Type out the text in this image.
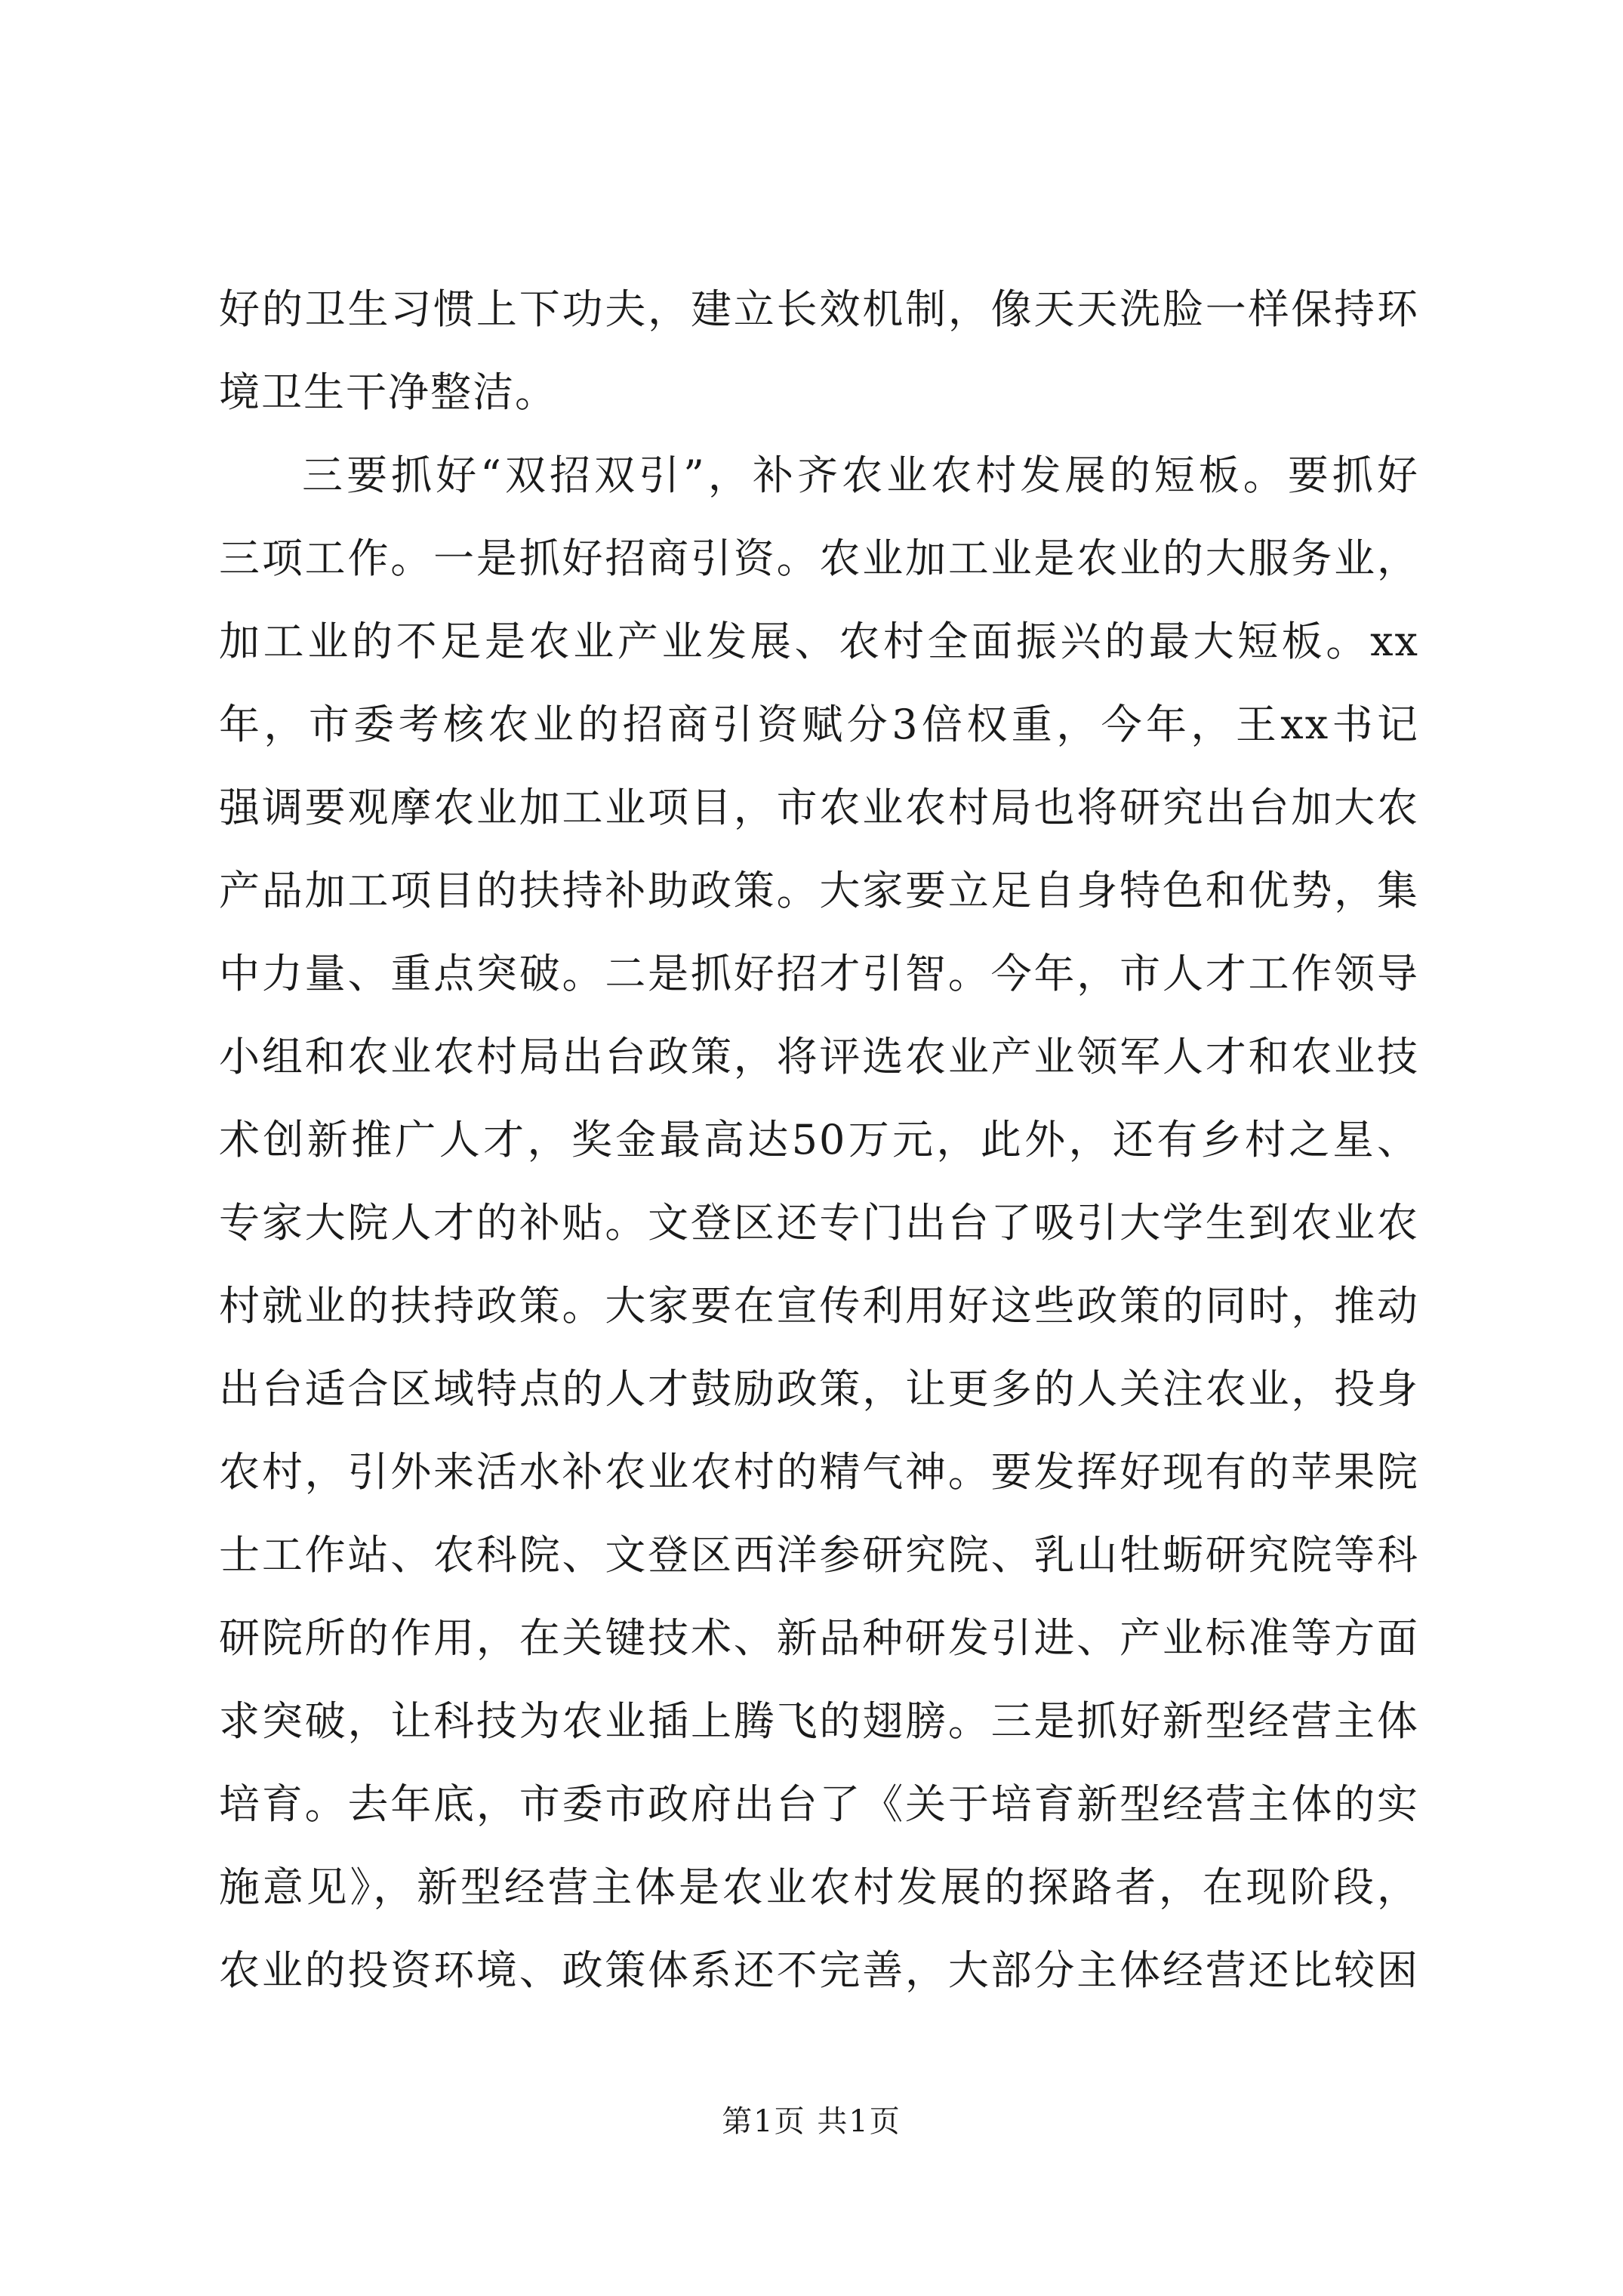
好的卫生习惯上下功夫，建立长效机制，像天天洗脸一样保持环
境卫生干净整洁。
三要抓好“双招双引”，补齐农业农村发展的短板。要抓好
三项工作。一是抓好招商引资。农业加工业是农业的大服务业，
加工业的不足是农业产业发展、农村全面振兴的最大短板。xx
年，市委考核农业的招商引资赋分3倍权重，今年，王xx书记
强调要观摩农业加工业项目，市农业农村局也将研究出台加大农
产品加工项目的扶持补助政策。大家要立足自身特色和优势，集
中力量、重点突破。二是抓好招才引智。今年，市人才工作领导
小组和农业农村局出台政策，将评选农业产业领军人才和农业技
术创新推广人才，奖金最高达50万元，此外，还有乡村之星、
专家大院人才的补贴。文登区还专门出台了吸引大学生到农业农
村就业的扶持政策。大家要在宣传利用好这些政策的同时，推动
出台适合区域特点的人才鼓励政策，让更多的人关注农业，投身
农村，引外来活水补农业农村的精气神。要发挥好现有的苹果院
士工作站、农科院、文登区西洋参研究院、乳山牡蛎研究院等科
研院所的作用，在关键技术、新品种研发引进、产业标准等方面
求突破，让科技为农业插上腾飞的翅膀。三是抓好新型经营主体
培育。去年底，市委市政府出台了《关于培育新型经营主体的实
施意见》，新型经营主体是农业农村发展的探路者，在现阶段，
农业的投资环境、政策体系还不完善，大部分主体经营还比较困
第1页 共1页
